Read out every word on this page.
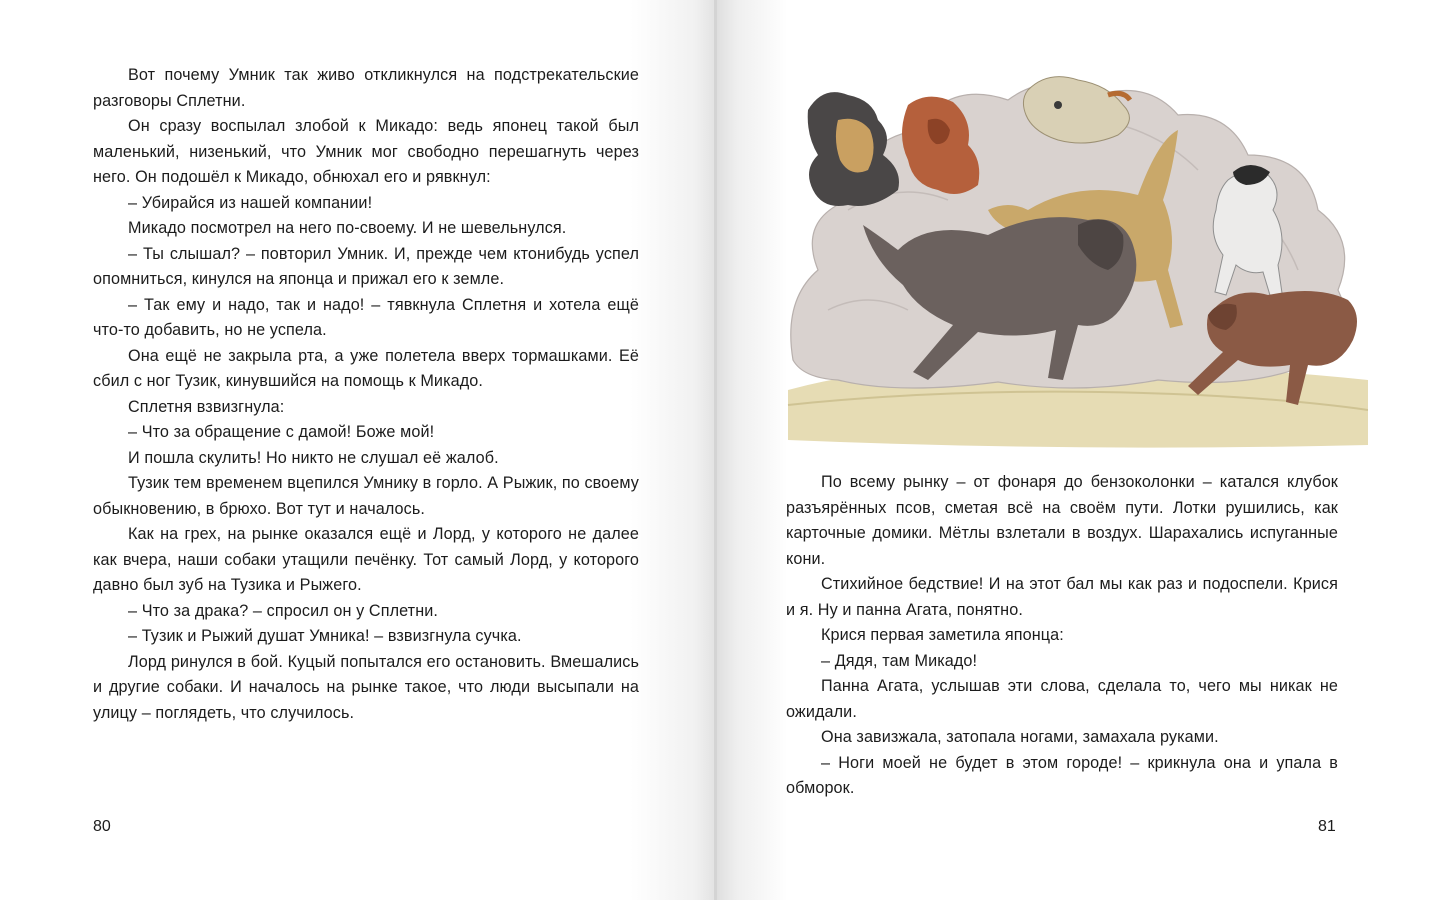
Вот почему Умник так живо откликнулся на подстрекательские разговоры Сплетни.

Он сразу воспылал злобой к Микадо: ведь японец такой был маленький, низенький, что Умник мог свободно перешагнуть через него. Он подошёл к Микадо, обнюхал его и рявкнул:

– Убирайся из нашей компании!

Микадо посмотрел на него по-своему. И не шевельнулся.

– Ты слышал? – повторил Умник. И, прежде чем ктонибудь успел опомниться, кинулся на японца и прижал его к земле.

– Так ему и надо, так и надо! – тявкнула Сплетня и хотела ещё что-то добавить, но не успела.

Она ещё не закрыла рта, а уже полетела вверх тормашками. Её сбил с ног Тузик, кинувшийся на помощь к Микадо.

Сплетня взвизгнула:

– Что за обращение с дамой! Боже мой!

И пошла скулить! Но никто не слушал её жалоб.

Тузик тем временем вцепился Умнику в горло. А Рыжик, по своему обыкновению, в брюхо. Вот тут и началось.

Как на грех, на рынке оказался ещё и Лорд, у которого не далее как вчера, наши собаки утащили печёнку. Тот самый Лорд, у которого давно был зуб на Тузика и Рыжего.

– Что за драка? – спросил он у Сплетни.

– Тузик и Рыжий душат Умника! – взвизгнула сучка.

Лорд ринулся в бой. Куцый попытался его остановить. Вмешались и другие собаки. И началось на рынке такое, что люди высыпали на улицу – поглядеть, что случилось.

80

По всему рынку – от фонаря до бензоколонки – катался клубок разъярённых псов, сметая всё на своём пути. Лотки рушились, как карточные домики. Мётлы взлетали в воздух. Шарахались испуганные кони.

Стихийное бедствие! И на этот бал мы как раз и подоспели. Крися и я. Ну и панна Агата, понятно.

Крися первая заметила японца:

– Дядя, там Микадо!

Панна Агата, услышав эти слова, сделала то, чего мы никак не ожидали.

Она завизжала, затопала ногами, замахала руками.

– Ноги моей не будет в этом городе! – крикнула она и упала в обморок.

81
